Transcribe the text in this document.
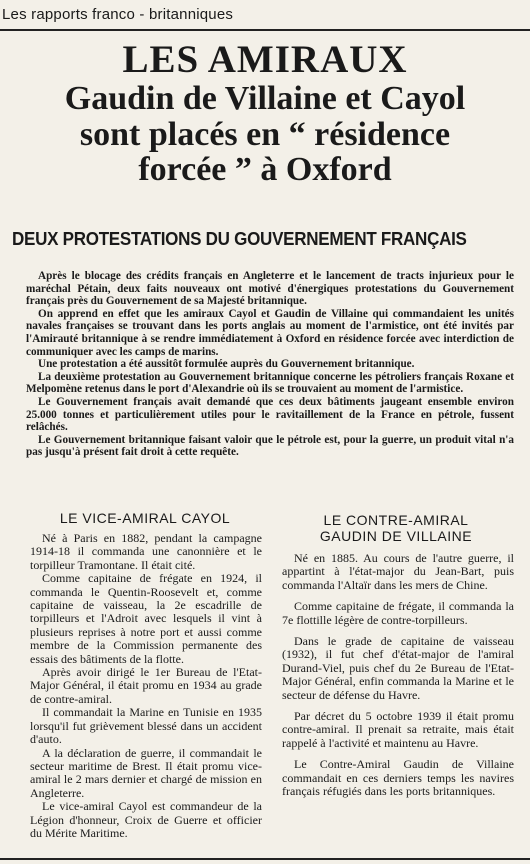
Les rapports franco - britanniques
LES AMIRAUX
Gaudin de Villaine et Cayol
sont placés en “ résidence
forcée ” à Oxford
DEUX PROTESTATIONS DU GOUVERNEMENT FRANÇAIS

Après le blocage des crédits français en Angleterre et le lancement de tracts injurieux pour le maréchal Pétain, deux faits nouveaux ont motivé d'énergiques protestations du Gouvernement français près du Gouvernement de sa Majesté britannique.

On apprend en effet que les amiraux Cayol et Gaudin de Villaine qui commandaient les unités navales françaises se trouvant dans les ports anglais au moment de l'armistice, ont été invités par l'Amirauté britannique à se rendre immédiatement à Oxford en résidence forcée avec interdiction de communiquer avec les camps de marins.

Une protestation a été aussitôt formulée auprès du Gouvernement britannique.

La deuxième protestation au Gouvernement britannique concerne les pétroliers français Roxane et Melpomène retenus dans le port d'Alexandrie où ils se trouvaient au moment de l'armistice.

Le Gouvernement français avait demandé que ces deux bâtiments jaugeant ensemble environ 25.000 tonnes et particulièrement utiles pour le ravitaillement de la France en pétrole, fussent relâchés.

Le Gouvernement britannique faisant valoir que le pétrole est, pour la guerre, un produit vital n'a pas jusqu'à présent fait droit à cette requête.

LE VICE-AMIRAL CAYOL

Né à Paris en 1882, pendant la campagne 1914-18 il commanda une canonnière et le torpilleur Tramontane. Il était cité.

Comme capitaine de frégate en 1924, il commanda le Quentin-Roosevelt et, comme capitaine de vaisseau, la 2e escadrille de torpilleurs et l'Adroit avec lesquels il vint à plusieurs reprises à notre port et aussi comme membre de la Commission permanente des essais des bâtiments de la flotte.

Après avoir dirigé le 1er Bureau de l'Etat-Major Général, il était promu en 1934 au grade de contre-amiral.

Il commandait la Marine en Tunisie en 1935 lorsqu'il fut grièvement blessé dans un accident d'auto.

A la déclaration de guerre, il commandait le secteur maritime de Brest. Il était promu vice-amiral le 2 mars dernier et chargé de mission en Angleterre.

Le vice-amiral Cayol est commandeur de la Légion d'honneur, Croix de Guerre et officier du Mérite Maritime.

LE CONTRE-AMIRAL
GAUDIN DE VILLAINE

Né en 1885. Au cours de l'autre guerre, il appartint à l'état-major du Jean-Bart, puis commanda l'Altaïr dans les mers de Chine.

Comme capitaine de frégate, il commanda la 7e flottille légère de contre-torpilleurs.

Dans le grade de capitaine de vaisseau (1932), il fut chef d'état-major de l'amiral Durand-Viel, puis chef du 2e Bureau de l'Etat-Major Général, enfin commanda la Marine et le secteur de défense du Havre.

Par décret du 5 octobre 1939 il était promu contre-amiral. Il prenait sa retraite, mais était rappelé à l'activité et maintenu au Havre.

Le Contre-Amiral Gaudin de Villaine commandait en ces derniers temps les navires français réfugiés dans les ports britanniques.
